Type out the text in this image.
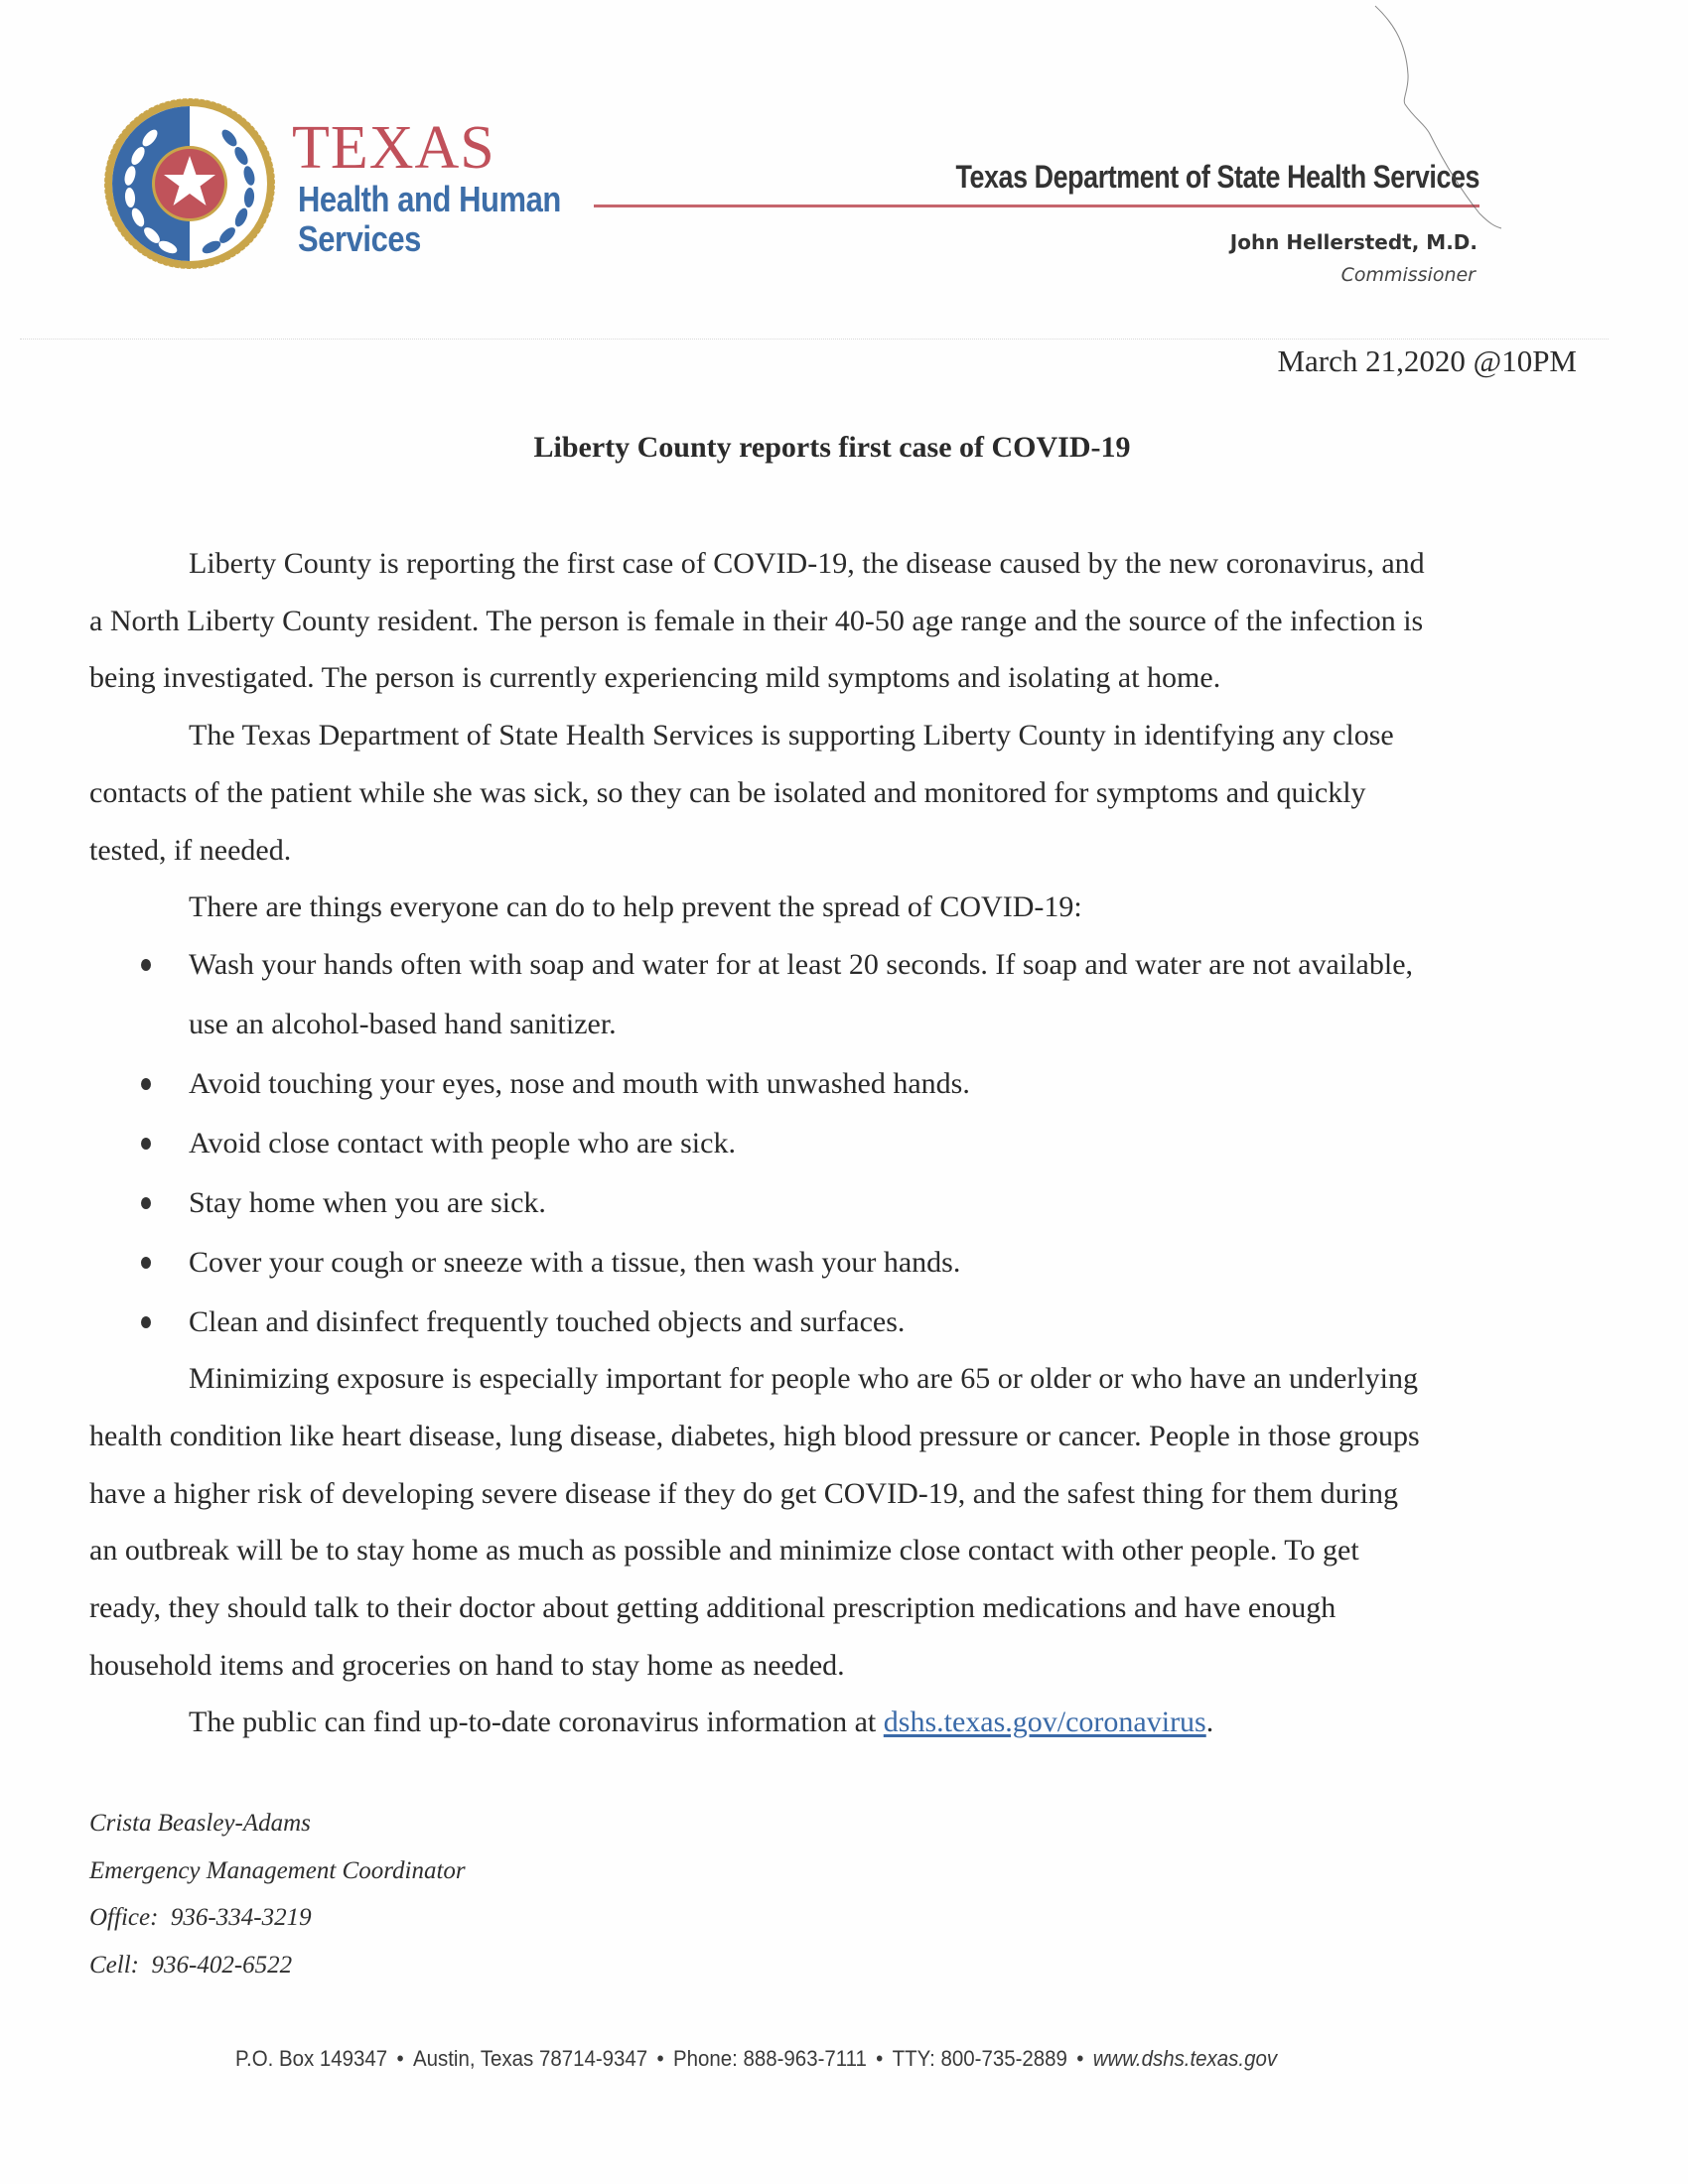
TEXAS
Health and Human
Services
Texas Department of State Health Services
John Hellerstedt, M.D.
Commissioner
March 21,2020 @10PM
Liberty County reports first case of COVID-19
Liberty County is reporting the first case of COVID-19, the disease caused by the new coronavirus, and
a North Liberty County resident. The person is female in their 40-50 age range and the source of the infection is
being investigated. The person is currently experiencing mild symptoms and isolating at home.
The Texas Department of State Health Services is supporting Liberty County in identifying any close
contacts of the patient while she was sick, so they can be isolated and monitored for symptoms and quickly
tested, if needed.
There are things everyone can do to help prevent the spread of COVID-19:
Wash your hands often with soap and water for at least 20 seconds. If soap and water are not available,
use an alcohol-based hand sanitizer.
Avoid touching your eyes, nose and mouth with unwashed hands.
Avoid close contact with people who are sick.
Stay home when you are sick.
Cover your cough or sneeze with a tissue, then wash your hands.
Clean and disinfect frequently touched objects and surfaces.
Minimizing exposure is especially important for people who are 65 or older or who have an underlying
health condition like heart disease, lung disease, diabetes, high blood pressure or cancer. People in those groups
have a higher risk of developing severe disease if they do get COVID-19, and the safest thing for them during
an outbreak will be to stay home as much as possible and minimize close contact with other people. To get
ready, they should talk to their doctor about getting additional prescription medications and have enough
household items and groceries on hand to stay home as needed.
The public can find up-to-date coronavirus information at dshs.texas.gov/coronavirus.
Crista Beasley-Adams
Emergency Management Coordinator
Office: 936-334-3219
Cell: 936-402-6522
P.O. Box 149347 • Austin, Texas 78714-9347 • Phone: 888-963-7111 • TTY: 800-735-2889 • www.dshs.texas.gov
